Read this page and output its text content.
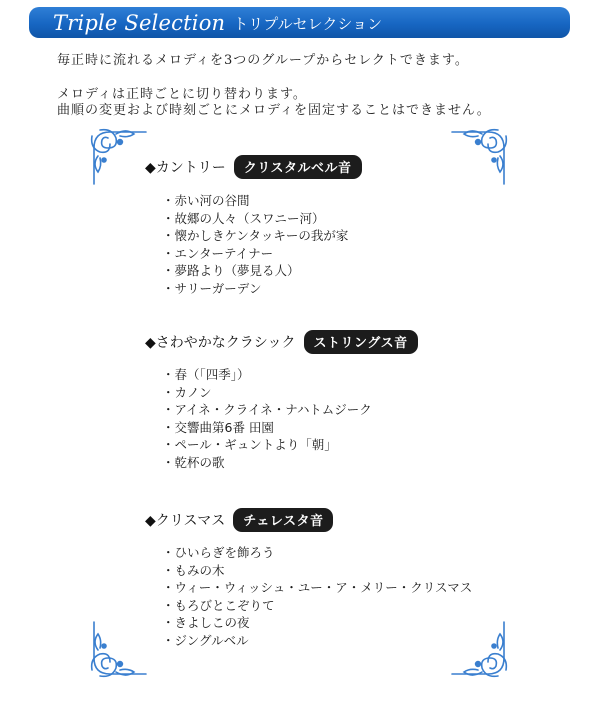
Triple Selection トリプルセレクション
毎正時に流れるメロディを3つのグループからセレクトできます。
メロディは正時ごとに切り替わります。
曲順の変更および時刻ごとにメロディを固定することはできません。
◆カントリー	クリスタルベル音
・赤い河の谷間
・故郷の人々（スワニー河）
・懐かしきケンタッキーの我が家
・エンターテイナー
・夢路より（夢見る人）
・サリーガーデン
◆さわやかなクラシック	ストリングス音
・春（「四季」）
・カノン
・アイネ・クライネ・ナハトムジーク
・交響曲第6番 田園
・ペール・ギュントより「朝」
・乾杯の歌
◆クリスマス	チェレスタ音
・ひいらぎを飾ろう
・もみの木
・ウィー・ウィッシュ・ユー・ア・メリー・クリスマス
・もろびとこぞりて
・きよしこの夜
・ジングルベル
